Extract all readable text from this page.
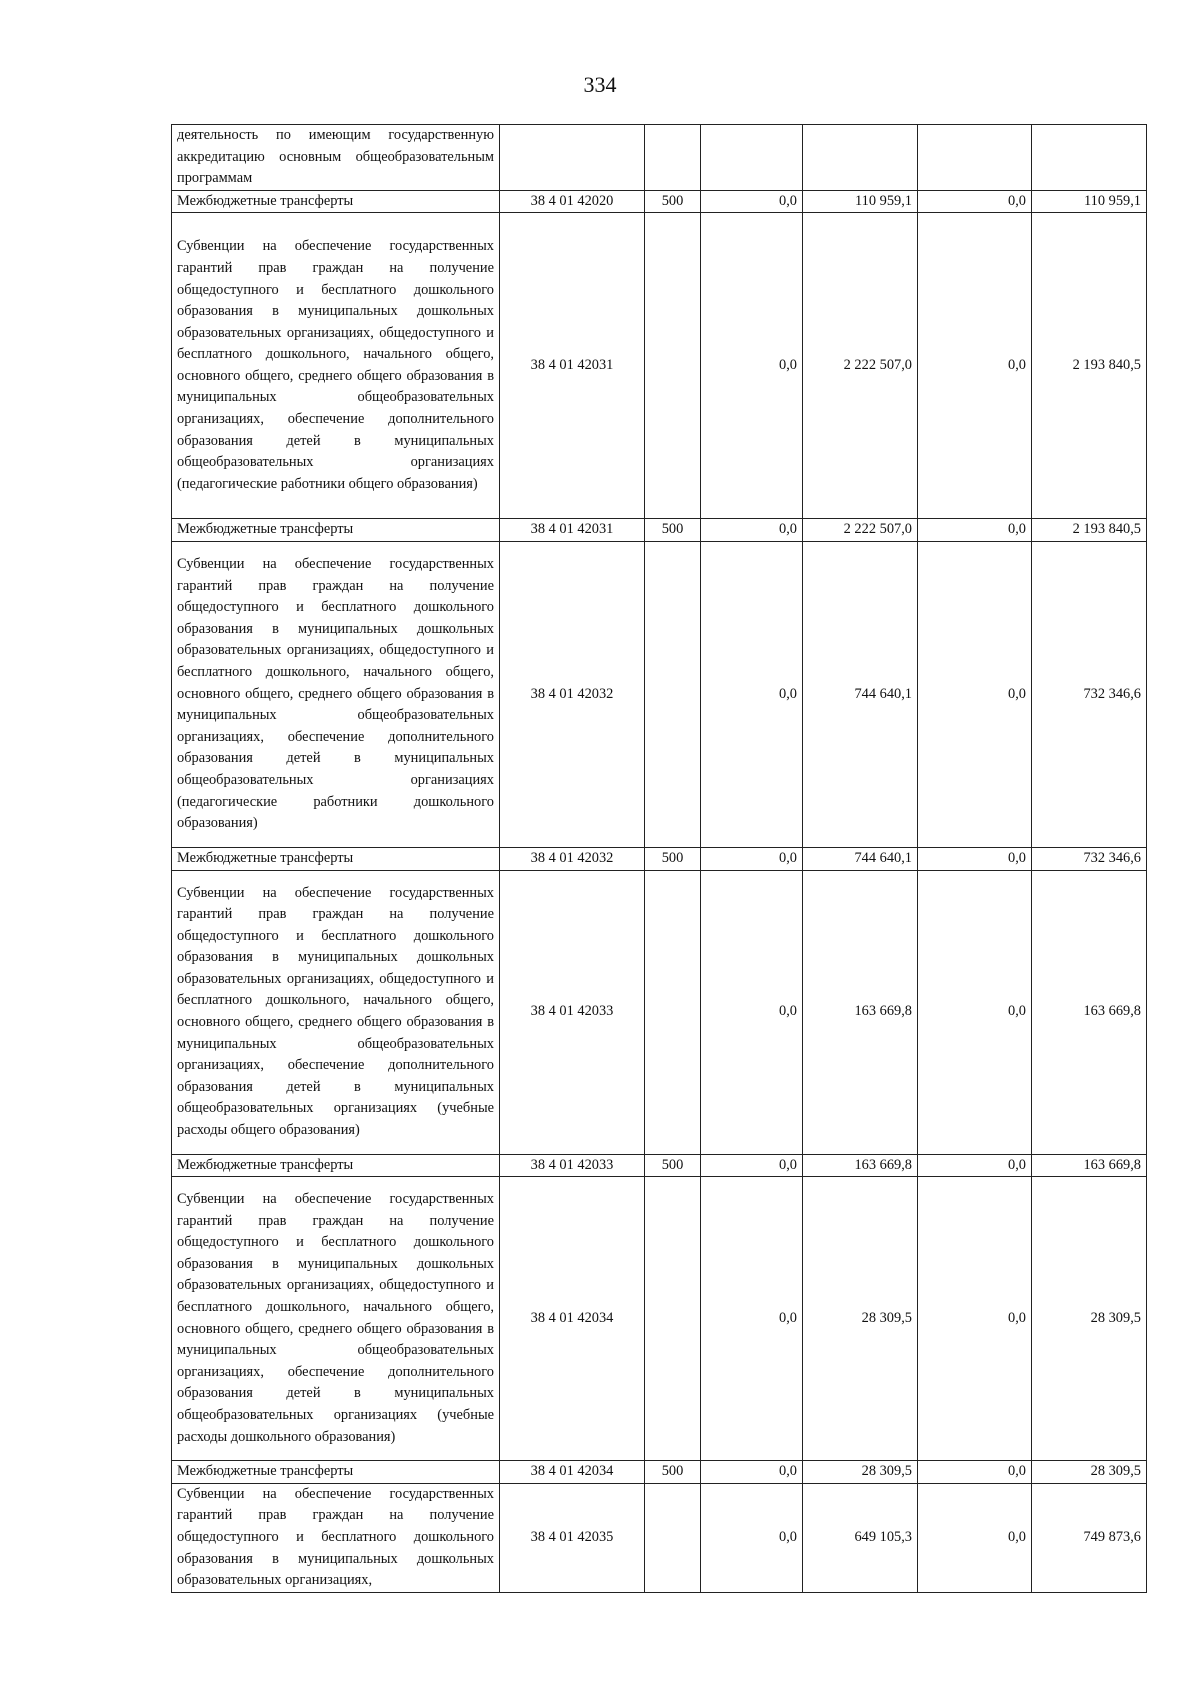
334
деятельность по имеющим государственную аккредитацию основным общеобразовательным программам						
Межбюджетные трансферты	38 4 01 42020	500	0,0	110 959,1	0,0	110 959,1
Субвенции на обеспечение государственных гарантий прав граждан на получение общедоступного и бесплатного дошкольного образования в муниципальных дошкольных образовательных организациях, общедоступного и бесплатного дошкольного, начального общего, основного общего, среднего общего образования в муниципальных общеобразовательных организациях, обеспечение дополнительного образования детей в муниципальных общеобразовательных организациях (педагогические работники общего образования)	38 4 01 42031		0,0	2 222 507,0	0,0	2 193 840,5
Межбюджетные трансферты	38 4 01 42031	500	0,0	2 222 507,0	0,0	2 193 840,5
Субвенции на обеспечение государственных гарантий прав граждан на получение общедоступного и бесплатного дошкольного образования в муниципальных дошкольных образовательных организациях, общедоступного и бесплатного дошкольного, начального общего, основного общего, среднего общего образования в муниципальных общеобразовательных организациях, обеспечение дополнительного образования детей в муниципальных общеобразовательных организациях (педагогические работники дошкольного образования)	38 4 01 42032		0,0	744 640,1	0,0	732 346,6
Межбюджетные трансферты	38 4 01 42032	500	0,0	744 640,1	0,0	732 346,6
Субвенции на обеспечение государственных гарантий прав граждан на получение общедоступного и бесплатного дошкольного образования в муниципальных дошкольных образовательных организациях, общедоступного и бесплатного дошкольного, начального общего, основного общего, среднего общего образования в муниципальных общеобразовательных организациях, обеспечение дополнительного образования детей в муниципальных общеобразовательных организациях (учебные расходы общего образования)	38 4 01 42033		0,0	163 669,8	0,0	163 669,8
Межбюджетные трансферты	38 4 01 42033	500	0,0	163 669,8	0,0	163 669,8
Субвенции на обеспечение государственных гарантий прав граждан на получение общедоступного и бесплатного дошкольного образования в муниципальных дошкольных образовательных организациях, общедоступного и бесплатного дошкольного, начального общего, основного общего, среднего общего образования в муниципальных общеобразовательных организациях, обеспечение дополнительного образования детей в муниципальных общеобразовательных организациях (учебные расходы дошкольного образования)	38 4 01 42034		0,0	28 309,5	0,0	28 309,5
Межбюджетные трансферты	38 4 01 42034	500	0,0	28 309,5	0,0	28 309,5
Субвенции на обеспечение государственных гарантий прав граждан на получение общедоступного и бесплатного дошкольного образования в муниципальных дошкольных образовательных организациях,	38 4 01 42035		0,0	649 105,3	0,0	749 873,6
